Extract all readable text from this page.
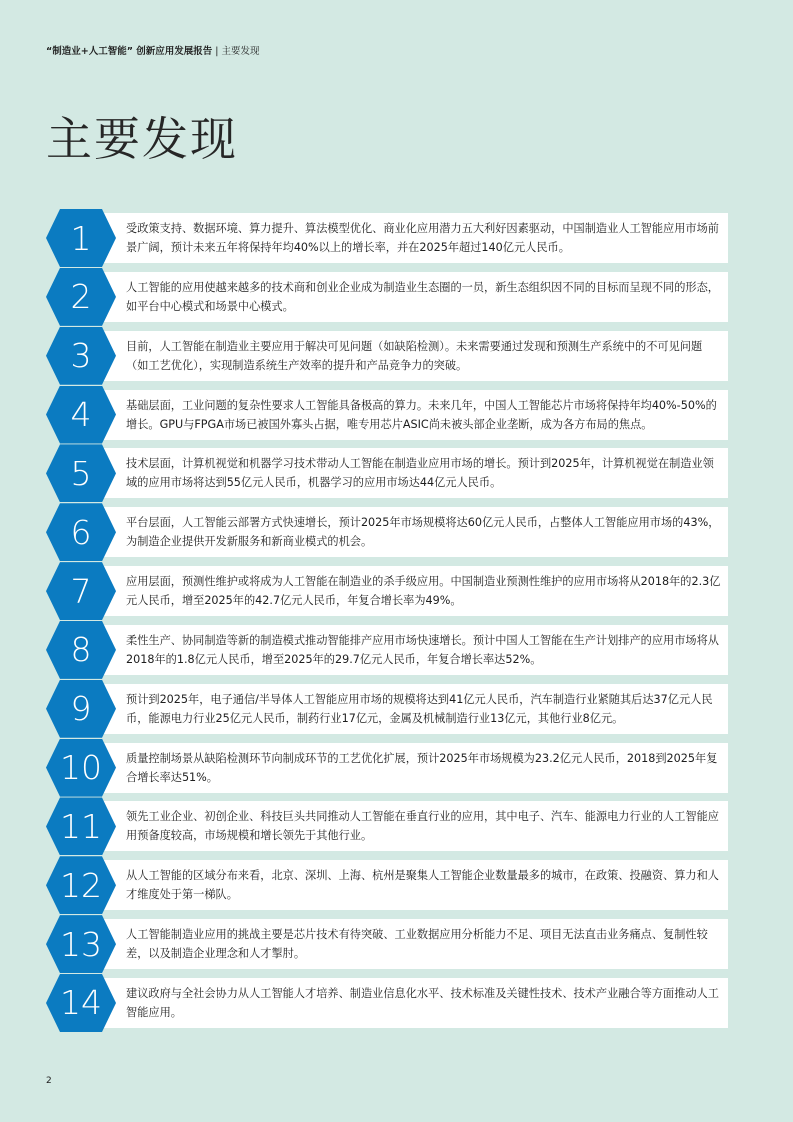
“制造业+人工智能” 创新应用发展报告 | 主要发现
主要发现
1	受政策支持、数据环境、算力提升、算法模型优化、商业化应用潜力五大利好因素驱动，中国制造业人工智能应用市场前景广阔，预计未来五年将保持年均40%以上的增长率，并在2025年超过140亿元人民币。
2	人工智能的应用使越来越多的技术商和创业企业成为制造业生态圈的一员，新生态组织因不同的目标而呈现不同的形态，如平台中心模式和场景中心模式。
3	目前，人工智能在制造业主要应用于解决可见问题（如缺陷检测）。未来需要通过发现和预测生产系统中的不可见问题（如工艺优化），实现制造系统生产效率的提升和产品竞争力的突破。
4	基础层面，工业问题的复杂性要求人工智能具备极高的算力。未来几年，中国人工智能芯片市场将保持年均40%-50%的增长。GPU与FPGA市场已被国外寡头占据，唯专用芯片ASIC尚未被头部企业垄断，成为各方布局的焦点。
5	技术层面，计算机视觉和机器学习技术带动人工智能在制造业应用市场的增长。预计到2025年，计算机视觉在制造业领域的应用市场将达到55亿元人民币，机器学习的应用市场达44亿元人民币。
6	平台层面，人工智能云部署方式快速增长，预计2025年市场规模将达60亿元人民币，占整体人工智能应用市场的43%，为制造企业提供开发新服务和新商业模式的机会。
7	应用层面，预测性维护或将成为人工智能在制造业的杀手级应用。中国制造业预测性维护的应用市场将从2018年的2.3亿元人民币，增至2025年的42.7亿元人民币，年复合增长率为49%。
8	柔性生产、协同制造等新的制造模式推动智能排产应用市场快速增长。预计中国人工智能在生产计划排产的应用市场将从2018年的1.8亿元人民币，增至2025年的29.7亿元人民币，年复合增长率达52%。
9	预计到2025年，电子通信/半导体人工智能应用市场的规模将达到41亿元人民币，汽车制造行业紧随其后达37亿元人民币，能源电力行业25亿元人民币，制药行业17亿元，金属及机械制造行业13亿元，其他行业8亿元。
10	质量控制场景从缺陷检测环节向制成环节的工艺优化扩展，预计2025年市场规模为23.2亿元人民币，2018到2025年复合增长率达51%。
11	领先工业企业、初创企业、科技巨头共同推动人工智能在垂直行业的应用，其中电子、汽车、能源电力行业的人工智能应用预备度较高，市场规模和增长领先于其他行业。
12	从人工智能的区域分布来看，北京、深圳、上海、杭州是聚集人工智能企业数量最多的城市，在政策、投融资、算力和人才维度处于第一梯队。
13	人工智能制造业应用的挑战主要是芯片技术有待突破、工业数据应用分析能力不足、项目无法直击业务痛点、复制性较差，以及制造企业理念和人才掣肘。
14	建议政府与全社会协力从人工智能人才培养、制造业信息化水平、技术标准及关键性技术、技术产业融合等方面推动人工智能应用。
2
